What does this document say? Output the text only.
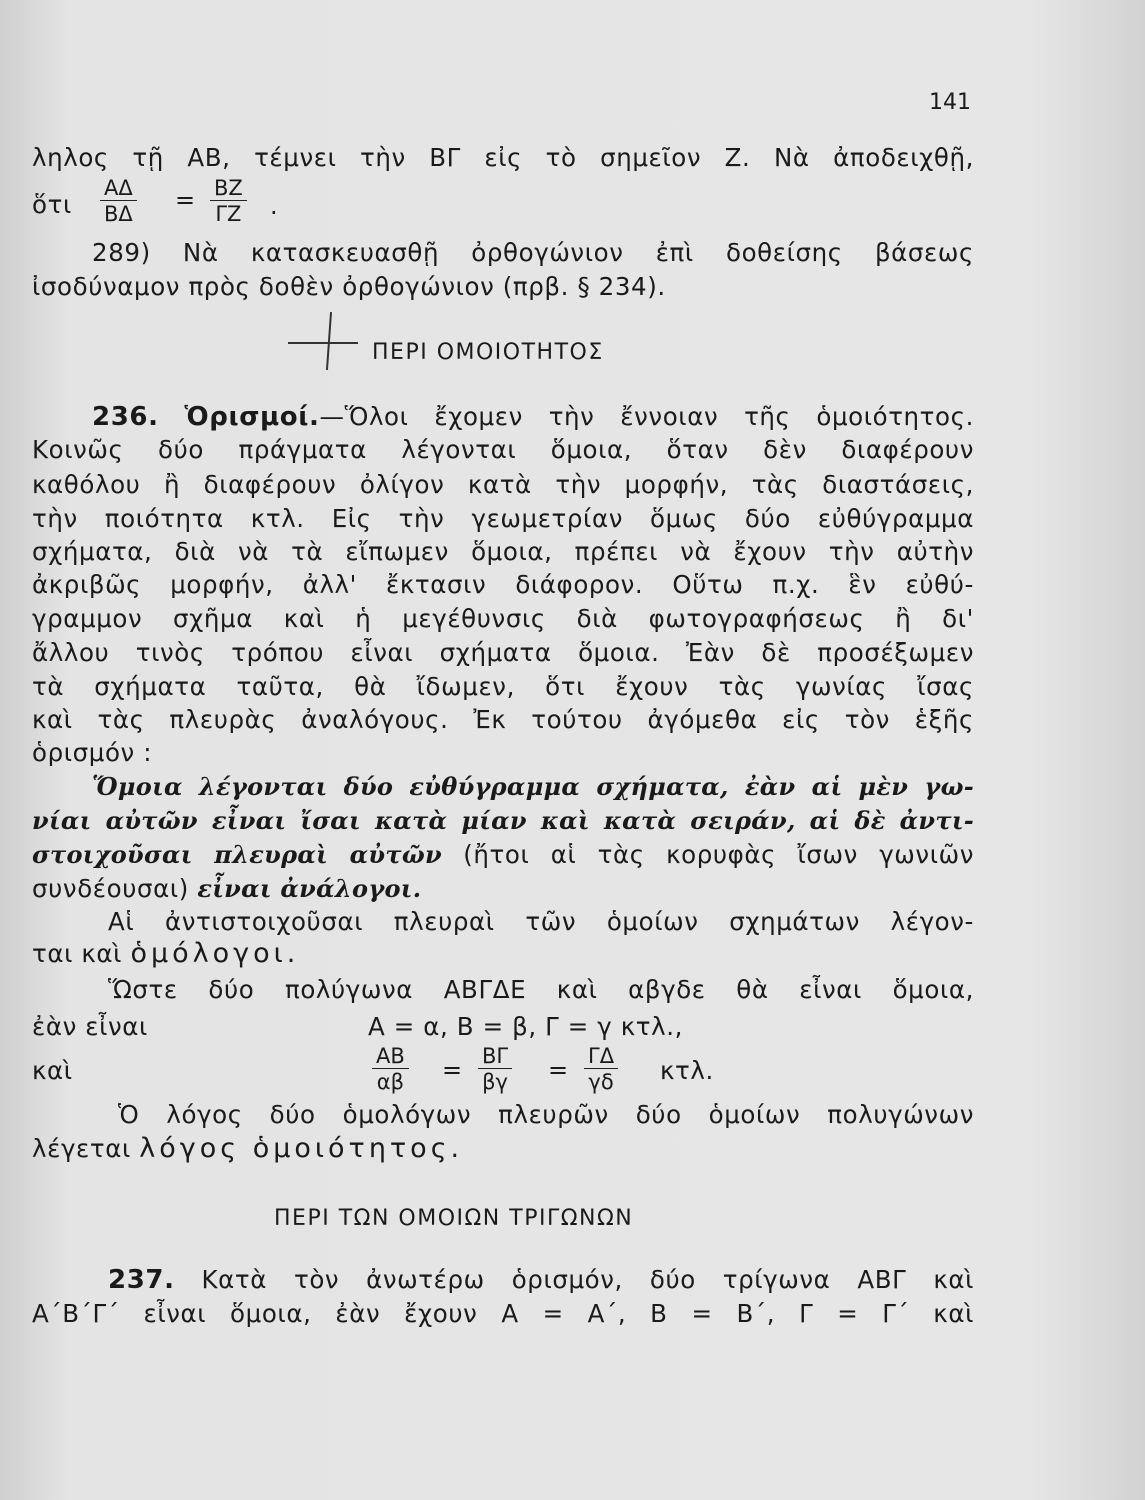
141
ληλος τῇ ΑΒ, τέμνει τὴν ΒΓ εἰς τὸ σημεῖον Ζ. Νὰ ἀποδειχθῇ,
ὅτι $\frac{A\Delta}{B\Delta} = \frac{BZ}{\Gamma Z}$ .
289) Νὰ κατασκευασθῇ ὀρθογώνιον ἐπὶ δοθείσης βάσεως
ἰσοδύναμον πρὸς δοθὲν ὀρθογώνιον (πρβ. § 234).
ΠΕΡΙ ΟΜΟΙΟΤΗΤΟΣ
236. Ὁρισμοί.—Ὅλοι ἔχομεν τὴν ἔννοιαν τῆς ὁμοιότητος.
Κοινῶς δύο πράγματα λέγονται ὅμοια, ὅταν δὲν διαφέρουν
καθόλου ἢ διαφέρουν ὀλίγον κατὰ τὴν μορφήν, τὰς διαστάσεις,
τὴν ποιότητα κτλ. Εἰς τὴν γεωμετρίαν ὅμως δύο εὐθύγραμμα
σχήματα, διὰ νὰ τὰ εἴπωμεν ὅμοια, πρέπει νὰ ἔχουν τὴν αὐτὴν
ἀκριβῶς μορφήν, ἀλλ' ἔκτασιν διάφορον. Οὕτω π.χ. ἓν εὐθύ-
γραμμον σχῆμα καὶ ἡ μεγέθυνσις διὰ φωτογραφήσεως ἢ δι'
ἄλλου τινὸς τρόπου εἶναι σχήματα ὅμοια. Ἐὰν δὲ προσέξωμεν
τὰ σχήματα ταῦτα, θὰ ἴδωμεν, ὅτι ἔχουν τὰς γωνίας ἴσας
καὶ τὰς πλευρὰς ἀναλόγους. Ἐκ τούτου ἀγόμεθα εἰς τὸν ἑξῆς
ὁρισμόν :
Ὅμοια λέγονται δύο εὐθύγραμμα σχήματα, ἐὰν αἱ μὲν γω-
νίαι αὐτῶν εἶναι ἴσαι κατὰ μίαν καὶ κατὰ σειράν, αἱ δὲ ἀντι-
στοιχοῦσαι πλευραὶ αὐτῶν (ἤτοι αἱ τὰς κορυφὰς ἴσων γωνιῶν
συνδέουσαι) εἶναι ἀνάλογοι.
Αἱ ἀντιστοιχοῦσαι πλευραὶ τῶν ὁμοίων σχημάτων λέγον-
ται καὶ ὁμόλογοι.
Ὥστε δύο πολύγωνα ΑΒΓΔΕ καὶ αβγδε θὰ εἶναι ὅμοια,
ἐὰν εἶναι	Α = α, Β = β, Γ = γ κτλ.,
καὶ	$\frac{AB}{\alpha\beta} = \frac{B\Gamma}{\beta\gamma} = \frac{\Gamma\Delta}{\gamma\delta} \kappa\tau\lambda$.
Ὁ λόγος δύο ὁμολόγων πλευρῶν δύο ὁμοίων πολυγώνων
λέγεται λόγος ὁμοιότητος.
ΠΕΡΙ ΤΩΝ ΟΜΟΙΩΝ ΤΡΙΓΩΝΩΝ
237. Κατὰ τὸν ἀνωτέρω ὁρισμόν, δύο τρίγωνα ΑΒΓ καὶ
Α΄Β΄Γ΄ εἶναι ὅμοια, ἐὰν ἔχουν Α = Α΄, Β = Β΄, Γ = Γ΄ καὶ
